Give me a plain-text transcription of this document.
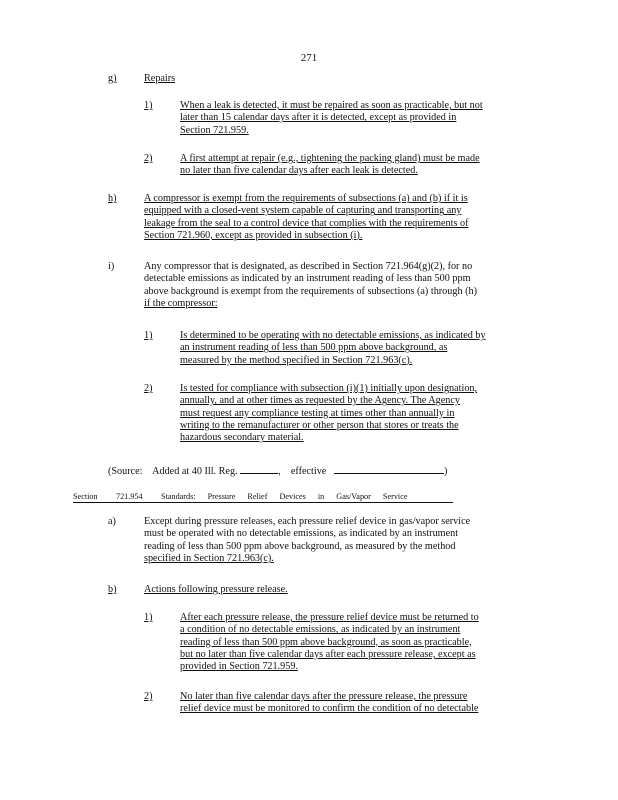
271
g)	Repairs
1)	When a leak is detected, it must be repaired as soon as practicable, but not
later than 15 calendar days after it is detected, except as provided in
Section 721.959.
2)	A first attempt at repair (e.g., tightening the packing gland) must be made
no later than five calendar days after each leak is detected.
h)	A compressor is exempt from the requirements of subsections (a) and (b) if it is
equipped with a closed-vent system capable of capturing and transporting any
leakage from the seal to a control device that complies with the requirements of
Section 721.960, except as provided in subsection (i).
i)	Any compressor that is designated, as described in Section 721.964(g)(2), for no
detectable emissions as indicated by an instrument reading of less than 500 ppm
above background is exempt from the requirements of subsections (a) through (h)
if the compressor:
1)	Is determined to be operating with no detectable emissions, as indicated by
an instrument reading of less than 500 ppm above background, as
measured by the method specified in Section 721.963(c).
2)	Is tested for compliance with subsection (i)(1) initially upon designation,
annually, and at other times as requested by the Agency. The Agency
must request any compliance testing at times other than annually in
writing to the remanufacturer or other person that stores or treats the
hazardous secondary material.
(Source: Added at 40 Ill. Reg.	, effective	)
Section 721.954 Standards: Pressure Relief Devices in Gas/Vapor Service
a)	Except during pressure releases, each pressure relief device in gas/vapor service
must be operated with no detectable emissions, as indicated by an instrument
reading of less than 500 ppm above background, as measured by the method
specified in Section 721.963(c).
b)	Actions following pressure release.
1)	After each pressure release, the pressure relief device must be returned to
a condition of no detectable emissions, as indicated by an instrument
reading of less than 500 ppm above background, as soon as practicable,
but no later than five calendar days after each pressure release, except as
provided in Section 721.959.
2)	No later than five calendar days after the pressure release, the pressure
relief device must be monitored to confirm the condition of no detectable
